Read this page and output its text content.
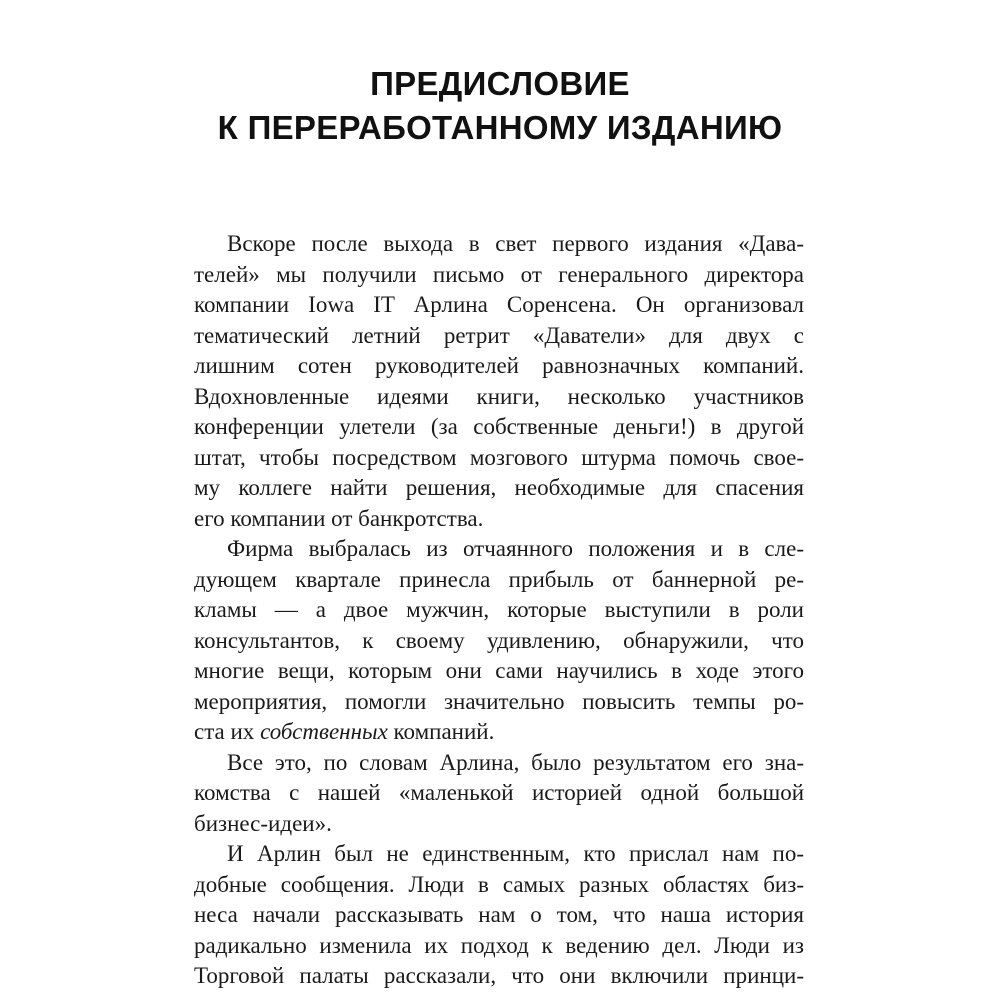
ПРЕДИСЛОВИЕ
К ПЕРЕРАБОТАННОМУ ИЗДАНИЮ
Вскоре после выхода в свет первого издания «Дава-
телей» мы получили письмо от генерального директора
компании Iowa IT Арлина Соренсена. Он организовал
тематический летний ретрит «Даватели» для двух с
лишним сотен руководителей равнозначных компаний.
Вдохновленные идеями книги, несколько участников
конференции улетели (за собственные деньги!) в другой
штат, чтобы посредством мозгового штурма помочь свое-
му коллеге найти решения, необходимые для спасения
его компании от банкротства.
Фирма выбралась из отчаянного положения и в сле-
дующем квартале принесла прибыль от баннерной ре-
кламы — а двое мужчин, которые выступили в роли
консультантов, к своему удивлению, обнаружили, что
многие вещи, которым они сами научились в ходе этого
мероприятия, помогли значительно повысить темпы ро-
ста их собственных компаний.
Все это, по словам Арлина, было результатом его зна-
комства с нашей «маленькой историей одной большой
бизнес-идеи».
И Арлин был не единственным, кто прислал нам по-
добные сообщения. Люди в самых разных областях биз-
неса начали рассказывать нам о том, что наша история
радикально изменила их подход к ведению дел. Люди из
Торговой палаты рассказали, что они включили принци-
